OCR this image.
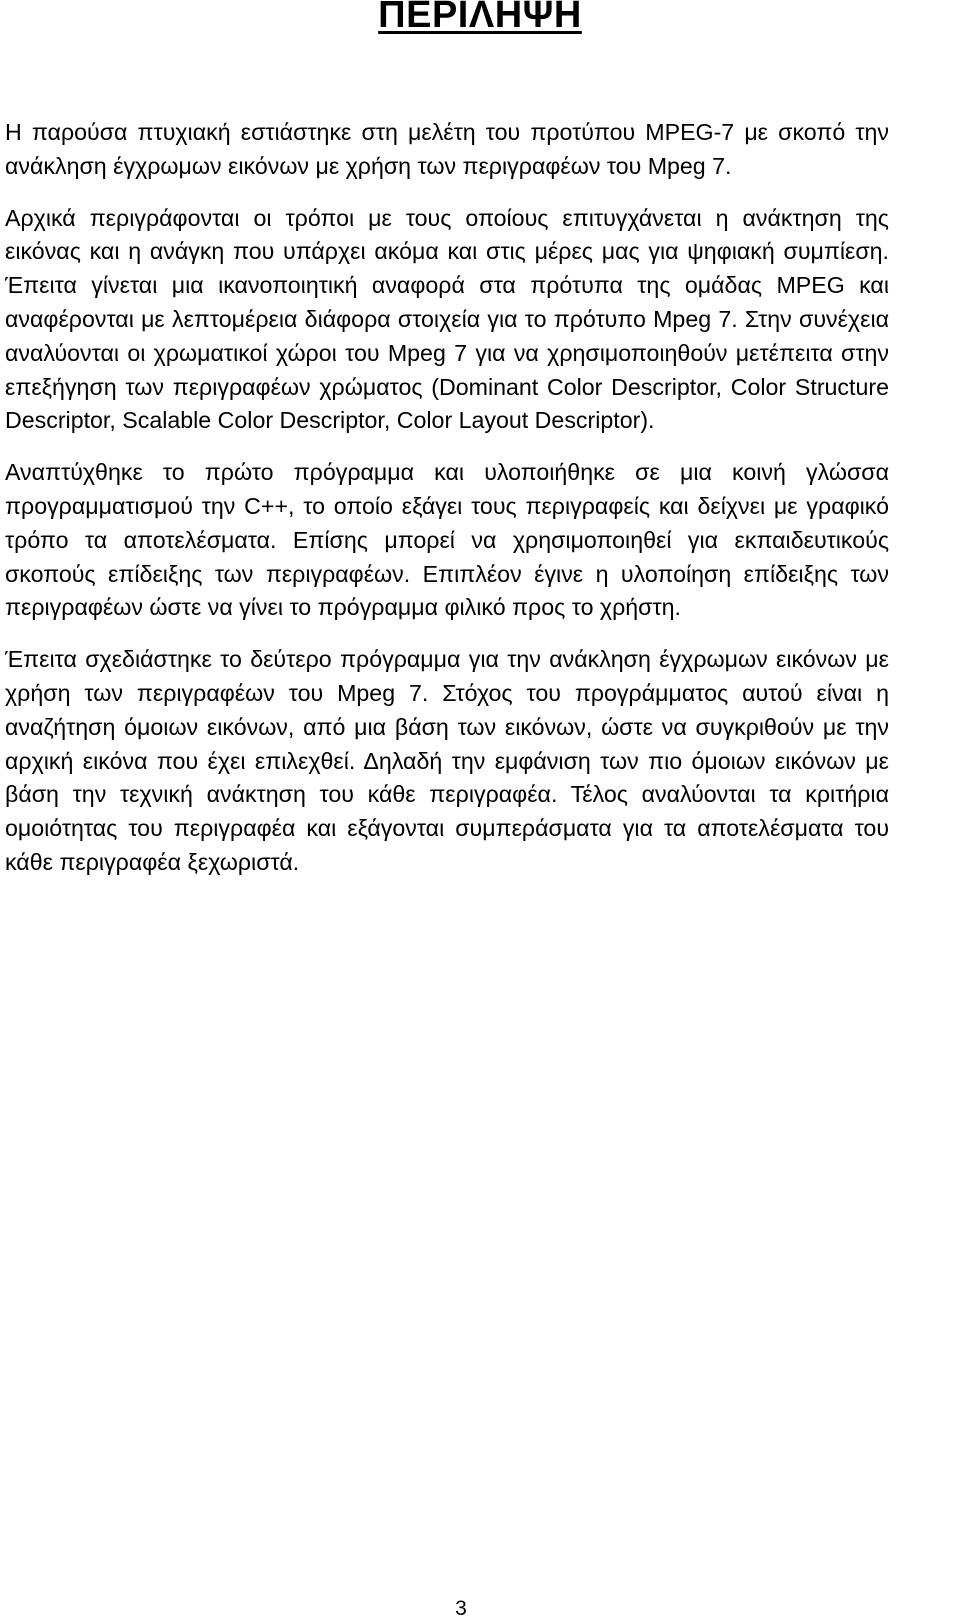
ΠΕΡΙΛΗΨΗ

Η παρούσα πτυχιακή εστιάστηκε στη μελέτη του προτύπου MPEG-7 με σκοπό την ανάκληση έγχρωμων εικόνων με χρήση των περιγραφέων του Mpeg 7.

Αρχικά περιγράφονται οι τρόποι με τους οποίους επιτυγχάνεται η ανάκτηση της εικόνας και η ανάγκη που υπάρχει ακόμα και στις μέρες μας για ψηφιακή συμπίεση. Έπειτα γίνεται μια ικανοποιητική αναφορά στα πρότυπα της ομάδας MPEG και αναφέρονται με λεπτομέρεια διάφορα στοιχεία για το πρότυπο Mpeg 7. Στην συνέχεια αναλύονται οι χρωματικοί χώροι του Mpeg 7 για να χρησιμοποιηθούν μετέπειτα στην επεξήγηση των περιγραφέων χρώματος (Dominant Color Descriptor, Color Structure Descriptor, Scalable Color Descriptor, Color Layout Descriptor).

Αναπτύχθηκε το πρώτο πρόγραμμα και υλοποιήθηκε σε μια κοινή γλώσσα προγραμματισμού την C++, το οποίο εξάγει τους περιγραφείς και δείχνει με γραφικό τρόπο τα αποτελέσματα. Επίσης μπορεί να χρησιμοποιηθεί για εκπαιδευτικούς σκοπούς επίδειξης των περιγραφέων. Επιπλέον έγινε η υλοποίηση επίδειξης των περιγραφέων ώστε να γίνει το πρόγραμμα φιλικό προς το χρήστη.

Έπειτα σχεδιάστηκε το δεύτερο πρόγραμμα για την ανάκληση έγχρωμων εικόνων με χρήση των περιγραφέων του Mpeg 7. Στόχος του προγράμματος αυτού είναι η αναζήτηση όμοιων εικόνων, από μια βάση των εικόνων, ώστε να συγκριθούν με την αρχική εικόνα που έχει επιλεχθεί. Δηλαδή την εμφάνιση των πιο όμοιων εικόνων με βάση την τεχνική ανάκτηση του κάθε περιγραφέα. Τέλος αναλύονται τα κριτήρια ομοιότητας του περιγραφέα και εξάγονται συμπεράσματα για τα αποτελέσματα του κάθε περιγραφέα ξεχωριστά.

3
